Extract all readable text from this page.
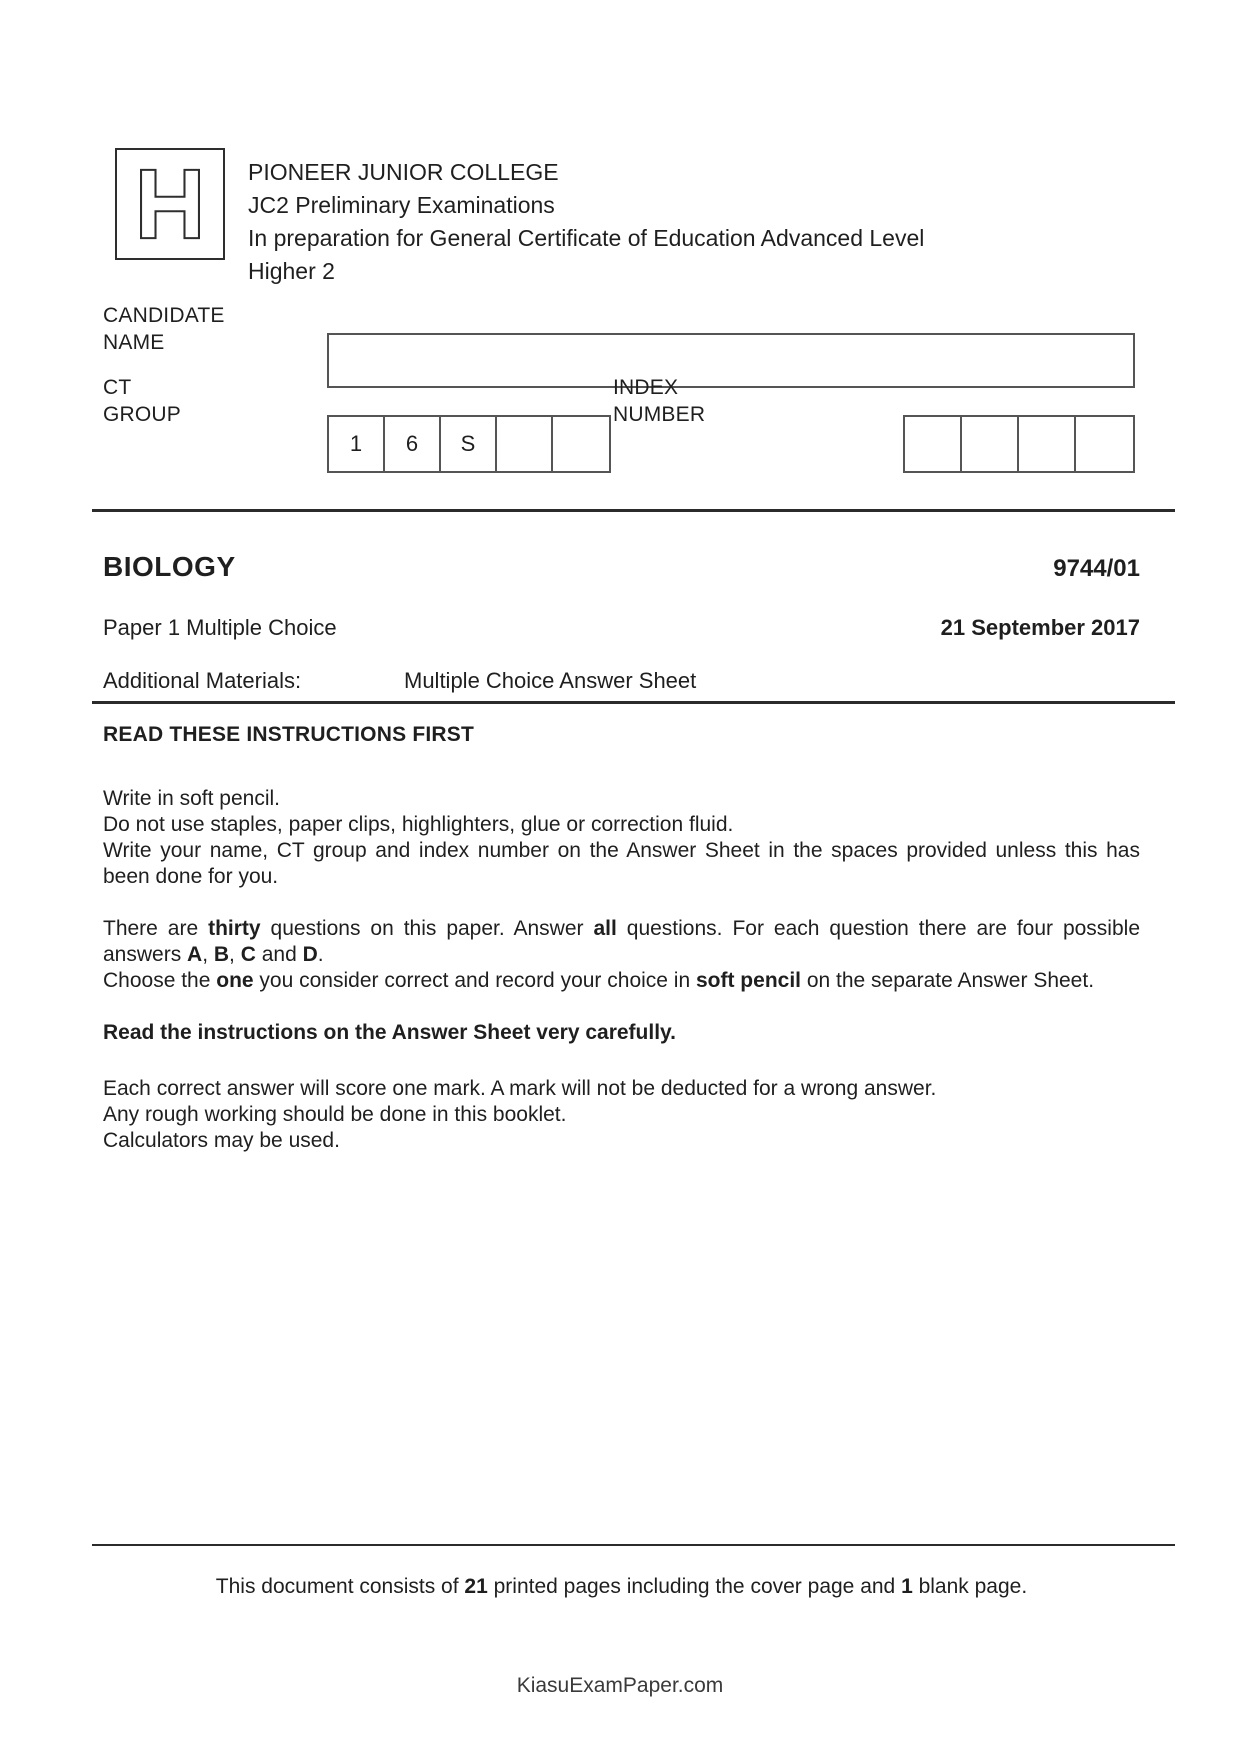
PIONEER JUNIOR COLLEGE
JC2 Preliminary Examinations
In preparation for General Certificate of Education Advanced Level
Higher 2
CANDIDATE
NAME
CT
GROUP
1	6	S
INDEX
NUMBER
BIOLOGY	9744/01
Paper 1 Multiple Choice	21 September 2017
Additional Materials:	Multiple Choice Answer Sheet
READ THESE INSTRUCTIONS FIRST
Write in soft pencil.
Do not use staples, paper clips, highlighters, glue or correction fluid.
Write your name, CT group and index number on the Answer Sheet in the spaces provided unless this has been done for you.
There are thirty questions on this paper. Answer all questions. For each question there are four possible answers A, B, C and D.
Choose the one you consider correct and record your choice in soft pencil on the separate Answer Sheet.
Read the instructions on the Answer Sheet very carefully.
Each correct answer will score one mark. A mark will not be deducted for a wrong answer.
Any rough working should be done in this booklet.
Calculators may be used.
This document consists of 21 printed pages including the cover page and 1 blank page.
KiasuExamPaper.com
